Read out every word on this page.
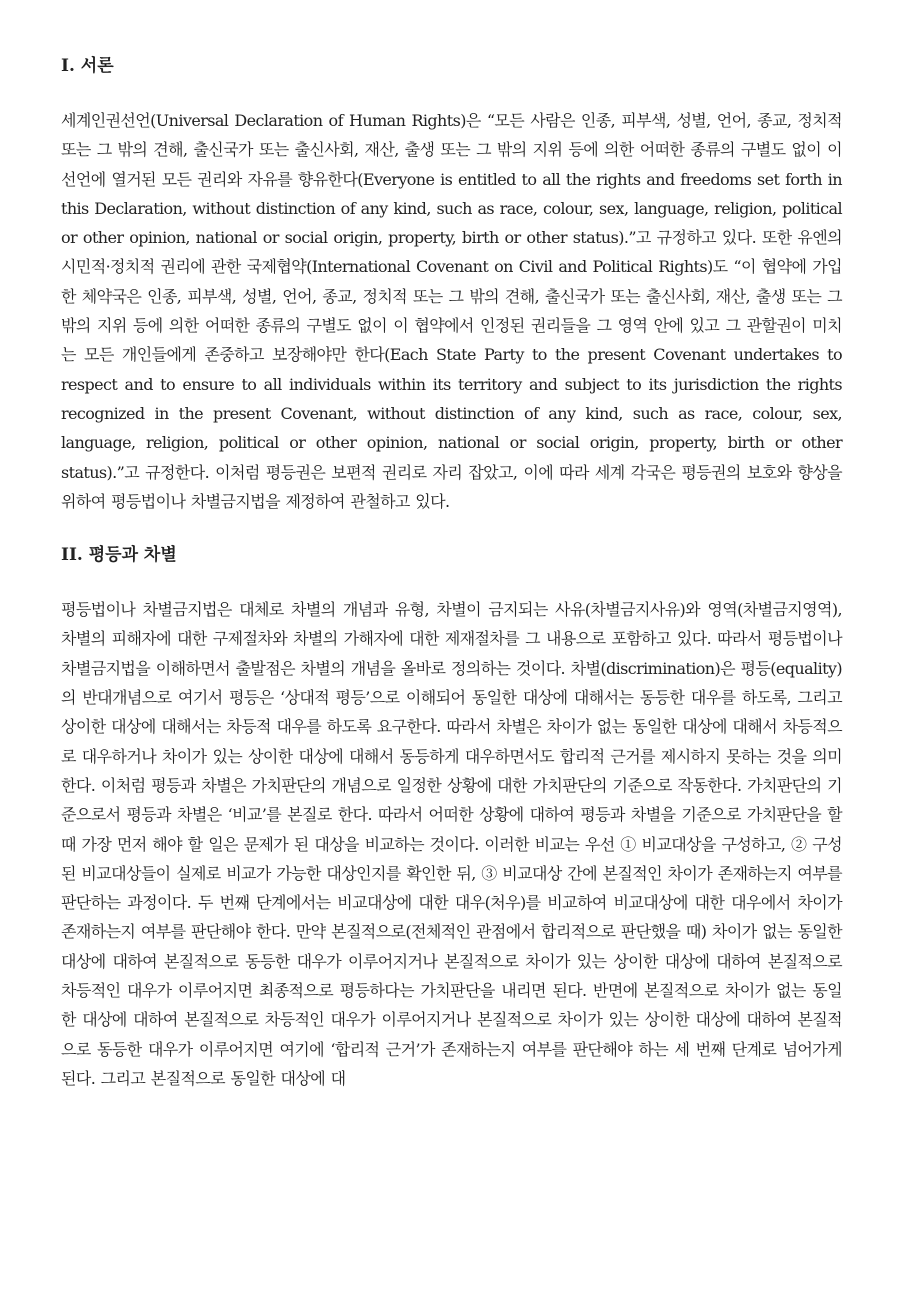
I. 서론

세계인권선언(Universal Declaration of Human Rights)은 “모든 사람은 인종, 피부색, 성별, 언어, 종교, 정치적 또는 그 밖의 견해, 출신국가 또는 출신사회, 재산, 출생 또는 그 밖의 지위 등에 의한 어떠한 종류의 구별도 없이 이 선언에 열거된 모든 권리와 자유를 향유한다(Everyone is entitled to all the rights and freedoms set forth in this Declaration, without distinction of any kind, such as race, colour, sex, language, religion, political or other opinion, national or social origin, property, birth or other status).”고 규정하고 있다. 또한 유엔의 시민적·정치적 권리에 관한 국제협약(International Covenant on Civil and Political Rights)도 “이 협약에 가입한 체약국은 인종, 피부색, 성별, 언어, 종교, 정치적 또는 그 밖의 견해, 출신국가 또는 출신사회, 재산, 출생 또는 그 밖의 지위 등에 의한 어떠한 종류의 구별도 없이 이 협약에서 인정된 권리들을 그 영역 안에 있고 그 관할권이 미치는 모든 개인들에게 존중하고 보장해야만 한다(Each State Party to the present Covenant undertakes to respect and to ensure to all individuals within its territory and subject to its jurisdiction the rights recognized in the present Covenant, without distinction of any kind, such as race, colour, sex, language, religion, political or other opinion, national or social origin, property, birth or other status).”고 규정한다. 이처럼 평등권은 보편적 권리로 자리 잡았고, 이에 따라 세계 각국은 평등권의 보호와 향상을 위하여 평등법이나 차별금지법을 제정하여 관철하고 있다.

II. 평등과 차별

평등법이나 차별금지법은 대체로 차별의 개념과 유형, 차별이 금지되는 사유(차별금지사유)와 영역(차별금지영역), 차별의 피해자에 대한 구제절차와 차별의 가해자에 대한 제재절차를 그 내용으로 포함하고 있다. 따라서 평등법이나 차별금지법을 이해하면서 출발점은 차별의 개념을 올바로 정의하는 것이다. 차별(discrimination)은 평등(equality)의 반대개념으로 여기서 평등은 ‘상대적 평등’으로 이해되어 동일한 대상에 대해서는 동등한 대우를 하도록, 그리고 상이한 대상에 대해서는 차등적 대우를 하도록 요구한다. 따라서 차별은 차이가 없는 동일한 대상에 대해서 차등적으로 대우하거나 차이가 있는 상이한 대상에 대해서 동등하게 대우하면서도 합리적 근거를 제시하지 못하는 것을 의미한다. 이처럼 평등과 차별은 가치판단의 개념으로 일정한 상황에 대한 가치판단의 기준으로 작동한다. 가치판단의 기준으로서 평등과 차별은 ‘비교’를 본질로 한다. 따라서 어떠한 상황에 대하여 평등과 차별을 기준으로 가치판단을 할 때 가장 먼저 해야 할 일은 문제가 된 대상을 비교하는 것이다. 이러한 비교는 우선 ① 비교대상을 구성하고, ② 구성된 비교대상들이 실제로 비교가 가능한 대상인지를 확인한 뒤, ③ 비교대상 간에 본질적인 차이가 존재하는지 여부를 판단하는 과정이다. 두 번째 단계에서는 비교대상에 대한 대우(처우)를 비교하여 비교대상에 대한 대우에서 차이가 존재하는지 여부를 판단해야 한다. 만약 본질적으로(전체적인 관점에서 합리적으로 판단했을 때) 차이가 없는 동일한 대상에 대하여 본질적으로 동등한 대우가 이루어지거나 본질적으로 차이가 있는 상이한 대상에 대하여 본질적으로 차등적인 대우가 이루어지면 최종적으로 평등하다는 가치판단을 내리면 된다. 반면에 본질적으로 차이가 없는 동일한 대상에 대하여 본질적으로 차등적인 대우가 이루어지거나 본질적으로 차이가 있는 상이한 대상에 대하여 본질적으로 동등한 대우가 이루어지면 여기에 ‘합리적 근거’가 존재하는지 여부를 판단해야 하는 세 번째 단계로 넘어가게 된다. 그리고 본질적으로 동일한 대상에 대
